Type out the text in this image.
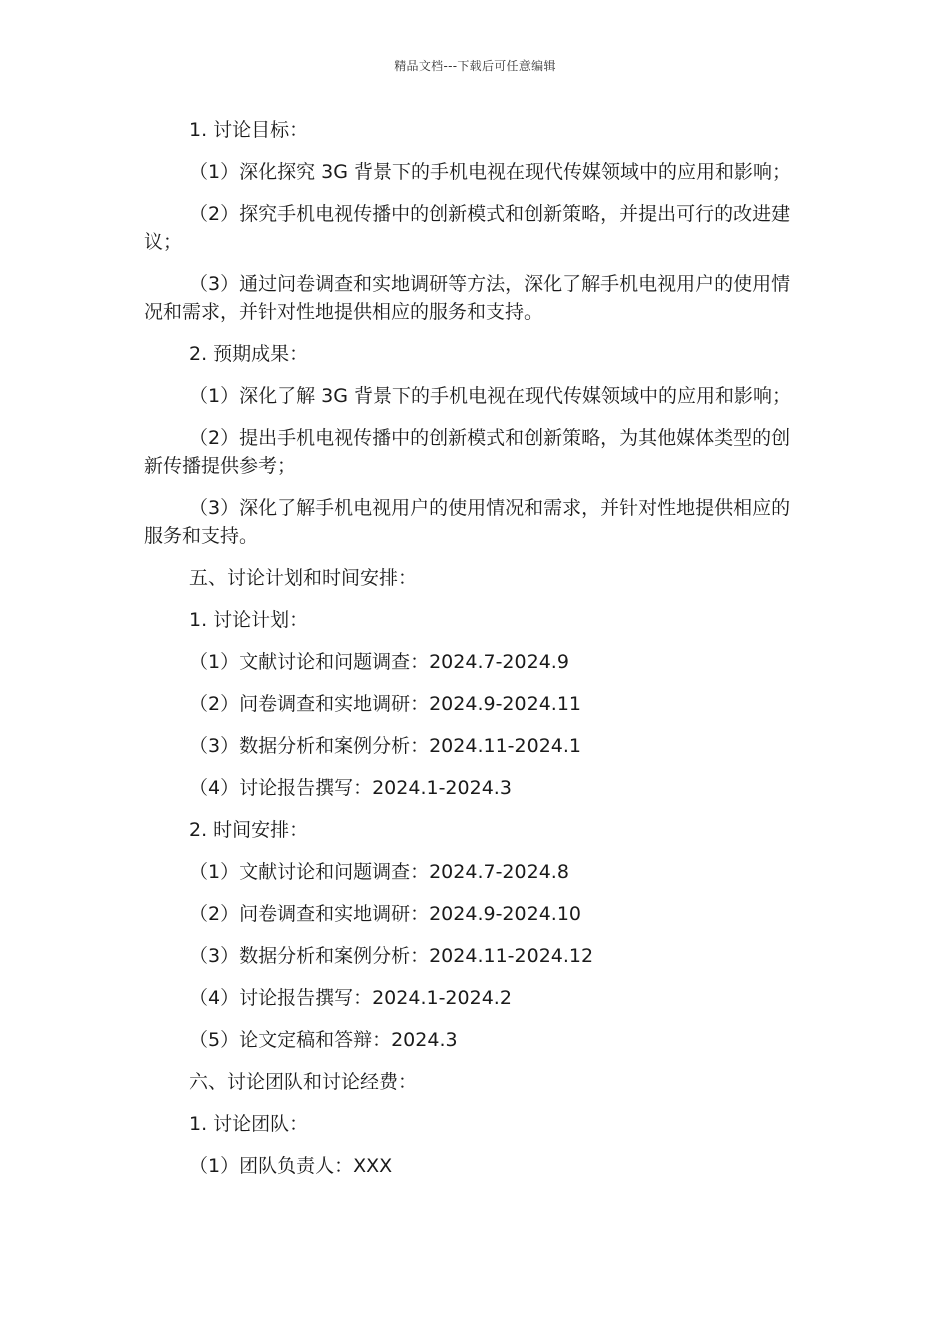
精品文档---下载后可任意编辑

1. 讨论目标：

（1）深化探究 3G 背景下的手机电视在现代传媒领域中的应用和影响；

（2）探究手机电视传播中的创新模式和创新策略，并提出可行的改进建议；

（3）通过问卷调查和实地调研等方法，深化了解手机电视用户的使用情况和需求，并针对性地提供相应的服务和支持。

2. 预期成果：

（1）深化了解 3G 背景下的手机电视在现代传媒领域中的应用和影响；

（2）提出手机电视传播中的创新模式和创新策略，为其他媒体类型的创新传播提供参考；

（3）深化了解手机电视用户的使用情况和需求，并针对性地提供相应的服务和支持。

五、讨论计划和时间安排：

1. 讨论计划：

（1）文献讨论和问题调查：2024.7-2024.9

（2）问卷调查和实地调研：2024.9-2024.11

（3）数据分析和案例分析：2024.11-2024.1

（4）讨论报告撰写：2024.1-2024.3

2. 时间安排：

（1）文献讨论和问题调查：2024.7-2024.8

（2）问卷调查和实地调研：2024.9-2024.10

（3）数据分析和案例分析：2024.11-2024.12

（4）讨论报告撰写：2024.1-2024.2

（5）论文定稿和答辩：2024.3

六、讨论团队和讨论经费：

1. 讨论团队：

（1）团队负责人：XXX
